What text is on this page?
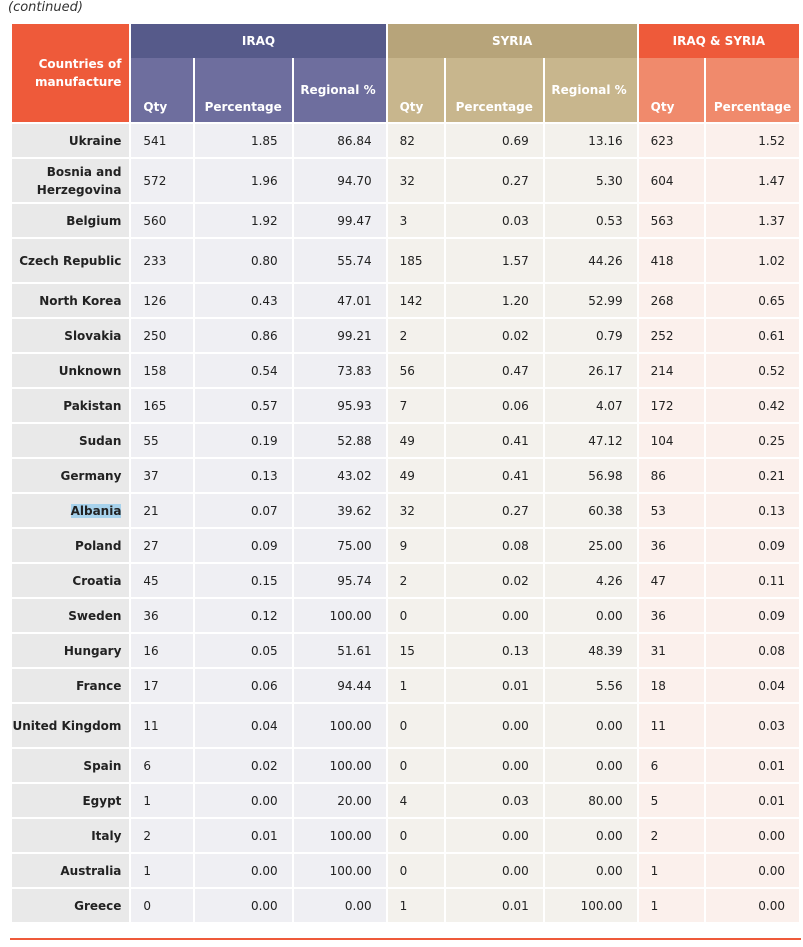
(continued)
Countries of manufacture	IRAQ			SYRIA			IRAQ & SYRIA	
	Qty	Percentage	Regional %	Qty	Percentage	Regional %	Qty	Percentage
Ukraine	541	1.85	86.84	82	0.69	13.16	623	1.52
Bosnia and Herzegovina	572	1.96	94.70	32	0.27	5.30	604	1.47
Belgium	560	1.92	99.47	3	0.03	0.53	563	1.37
Czech Republic	233	0.80	55.74	185	1.57	44.26	418	1.02
North Korea	126	0.43	47.01	142	1.20	52.99	268	0.65
Slovakia	250	0.86	99.21	2	0.02	0.79	252	0.61
Unknown	158	0.54	73.83	56	0.47	26.17	214	0.52
Pakistan	165	0.57	95.93	7	0.06	4.07	172	0.42
Sudan	55	0.19	52.88	49	0.41	47.12	104	0.25
Germany	37	0.13	43.02	49	0.41	56.98	86	0.21
Albania	21	0.07	39.62	32	0.27	60.38	53	0.13
Poland	27	0.09	75.00	9	0.08	25.00	36	0.09
Croatia	45	0.15	95.74	2	0.02	4.26	47	0.11
Sweden	36	0.12	100.00	0	0.00	0.00	36	0.09
Hungary	16	0.05	51.61	15	0.13	48.39	31	0.08
France	17	0.06	94.44	1	0.01	5.56	18	0.04
United Kingdom	11	0.04	100.00	0	0.00	0.00	11	0.03
Spain	6	0.02	100.00	0	0.00	0.00	6	0.01
Egypt	1	0.00	20.00	4	0.03	80.00	5	0.01
Italy	2	0.01	100.00	0	0.00	0.00	2	0.00
Australia	1	0.00	100.00	0	0.00	0.00	1	0.00
Greece	0	0.00	0.00	1	0.01	100.00	1	0.00
